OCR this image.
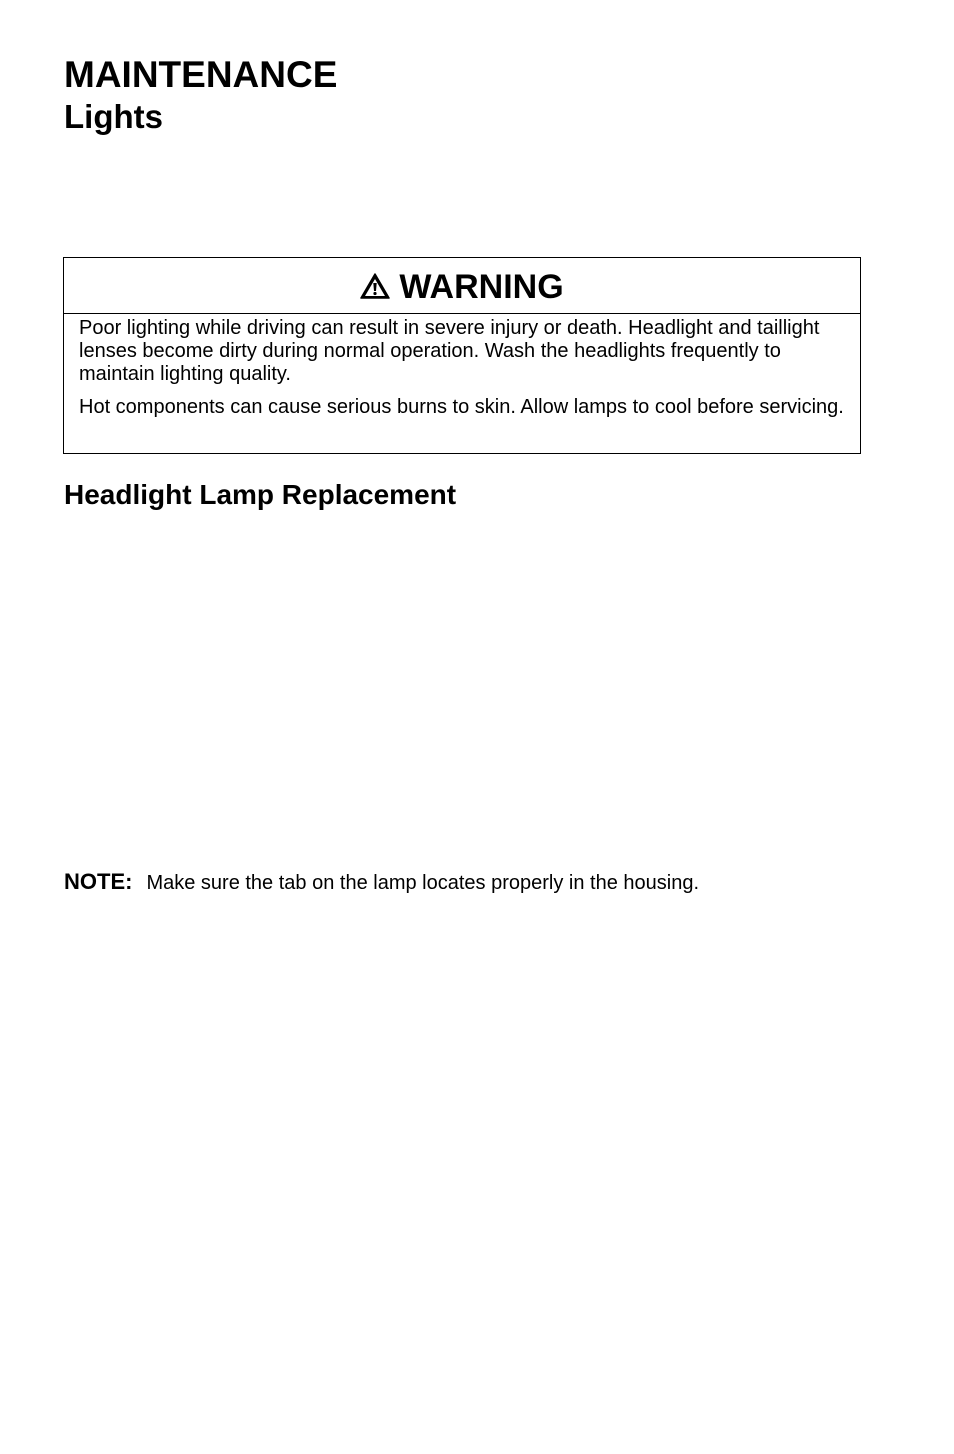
MAINTENANCE
Lights
WARNING

Poor lighting while driving can result in severe injury or death. Headlight and taillight lenses become dirty during normal operation. Wash the headlights frequently to maintain lighting quality.

Hot components can cause serious burns to skin. Allow lamps to cool before servicing.

Headlight Lamp Replacement
NOTE: Make sure the tab on the lamp locates properly in the housing.
